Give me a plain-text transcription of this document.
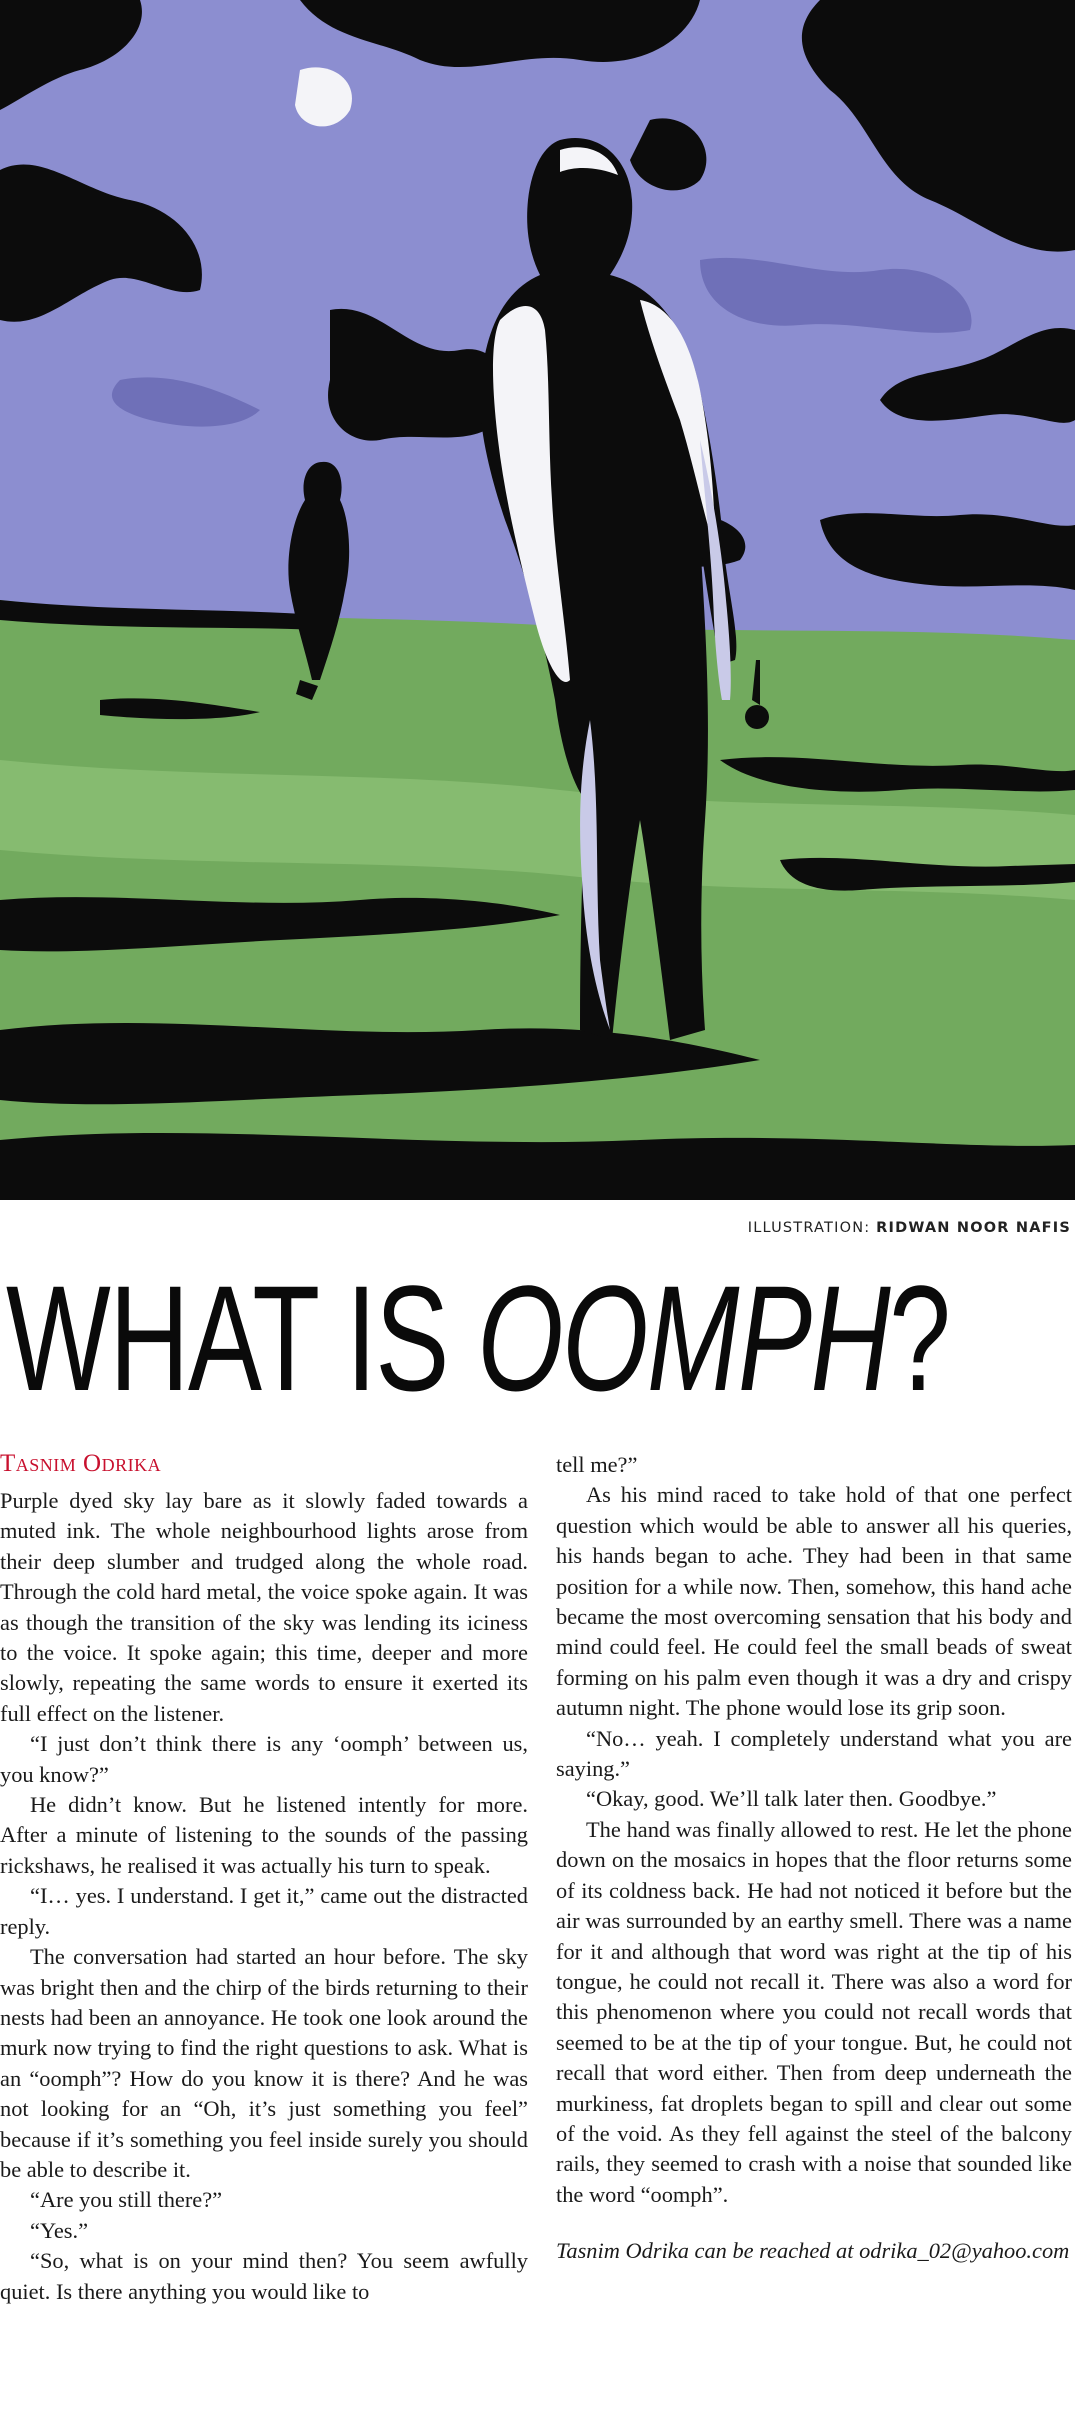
ILLUSTRATION: RIDWAN NOOR NAFIS
WHAT IS OOMPH?

Tasnim Odrika

Purple dyed sky lay bare as it slowly faded towards a muted ink. The whole neighbourhood lights arose from their deep slumber and trudged along the whole road. Through the cold hard metal, the voice spoke again. It was as though the transition of the sky was lending its iciness to the voice. It spoke again; this time, deeper and more slowly, repeating the same words to ensure it exerted its full effect on the listener.

“I just don’t think there is any ‘oomph’ between us, you know?”

He didn’t know. But he listened intently for more. After a minute of listening to the sounds of the passing rickshaws, he realised it was actually his turn to speak.

“I… yes. I understand. I get it,” came out the distracted reply.

The conversation had started an hour before. The sky was bright then and the chirp of the birds returning to their nests had been an annoyance. He took one look around the murk now trying to find the right questions to ask. What is an “oomph”? How do you know it is there? And he was not looking for an “Oh, it’s just something you feel” because if it’s something you feel inside surely you should be able to describe it.

“Are you still there?”

“Yes.”

“So, what is on your mind then? You seem awfully quiet. Is there anything you would like to

tell me?”

As his mind raced to take hold of that one perfect question which would be able to answer all his queries, his hands began to ache. They had been in that same position for a while now. Then, somehow, this hand ache became the most overcoming sensation that his body and mind could feel. He could feel the small beads of sweat forming on his palm even though it was a dry and crispy autumn night. The phone would lose its grip soon.

“No… yeah. I completely understand what you are saying.”

“Okay, good. We’ll talk later then. Goodbye.”

The hand was finally allowed to rest. He let the phone down on the mosaics in hopes that the floor returns some of its coldness back. He had not noticed it before but the air was surrounded by an earthy smell. There was a name for it and although that word was right at the tip of his tongue, he could not recall it. There was also a word for this phenomenon where you could not recall words that seemed to be at the tip of your tongue. But, he could not recall that word either. Then from deep underneath the murkiness, fat droplets began to spill and clear out some of the void. As they fell against the steel of the balcony rails, they seemed to crash with a noise that sounded like the word “oomph”.

Tasnim Odrika can be reached at odrika_02@yahoo.com
